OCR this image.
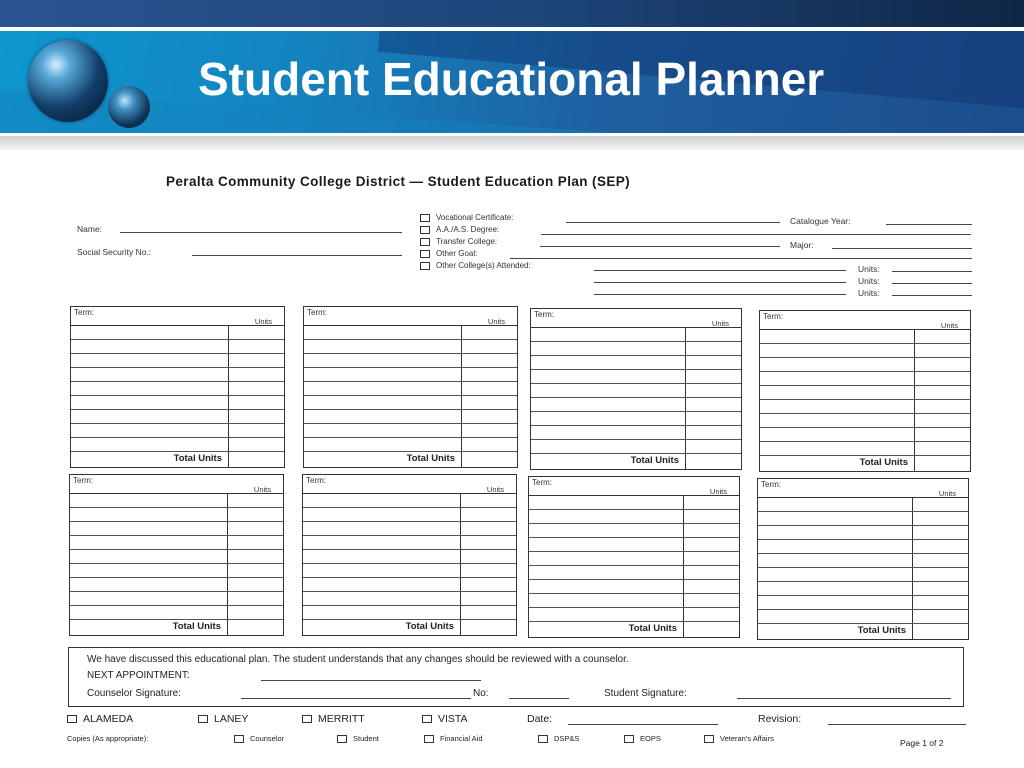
Student Educational Planner
Peralta Community College District — Student Education Plan (SEP)
Name:
Social Security No.:
Vocational Certificate:
A.A./A.S. Degree:
Transfer College:
Other Goal:
Other College(s) Attended:
Catalogue Year:
Major:
Units:
Units:
Units:
Term:
Units
Total Units
Term:
Units
Total Units
Term:
Units
Total Units
Term:
Units
Total Units
Term:
Units
Total Units
Term:
Units
Total Units
Term:
Units
Total Units
Term:
Units
Total Units
We have discussed this educational plan. The student understands that any changes should be reviewed with a counselor.
NEXT APPOINTMENT:
Counselor Signature:	No:	Student Signature:
ALAMEDA	LANEY	MERRITT	VISTA	Date:	Revision:
Copies (As appropriate):	Counselor	Student	Financial Aid	DSP&S	EOPS	Veteran's Affairs	Page 1 of 2
